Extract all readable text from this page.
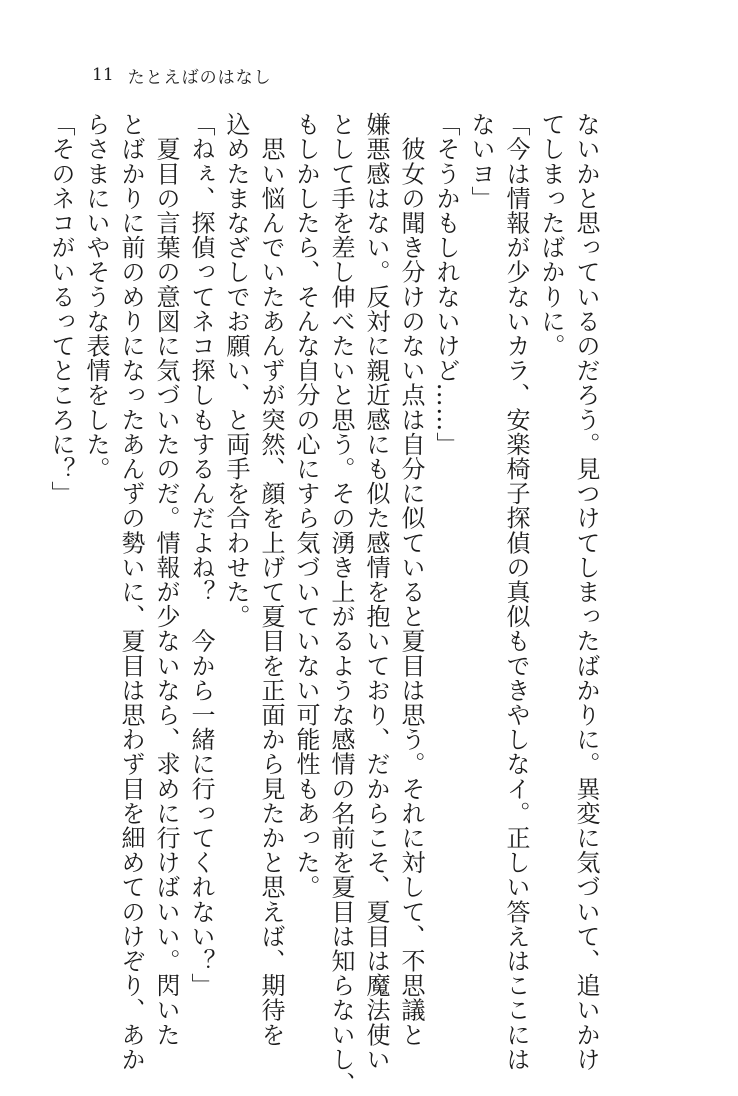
11 たとえばのはなし
ないかと思っているのだろう。見つけてしまったばかりに。異変に気づいて、追いかけ
てしまったばかりに。
「今は情報が少ないカラ、安楽椅子探偵の真似もできやしなイ。正しい答えはここには
ないヨ」
「そうかもしれないけど……」
　彼女の聞き分けのない点は自分に似ていると夏目は思う。それに対して、不思議と
嫌悪感はない。反対に親近感にも似た感情を抱いており、だからこそ、夏目は魔法使い
として手を差し伸べたいと思う。その湧き上がるような感情の名前を夏目は知らないし、
もしかしたら、そんな自分の心にすら気づいていない可能性もあった。
　思い悩んでいたあんずが突然、顔を上げて夏目を正面から見たかと思えば、期待を
込めたまなざしでお願い、と両手を合わせた。
「ねぇ、探偵ってネコ探しもするんだよね？　今から一緒に行ってくれない？」
　夏目の言葉の意図に気づいたのだ。情報が少ないなら、求めに行けばいい。閃いた
とばかりに前のめりになったあんずの勢いに、夏目は思わず目を細めてのけぞり、あか
らさまにいやそうな表情をした。
「そのネコがいるってところに？」
